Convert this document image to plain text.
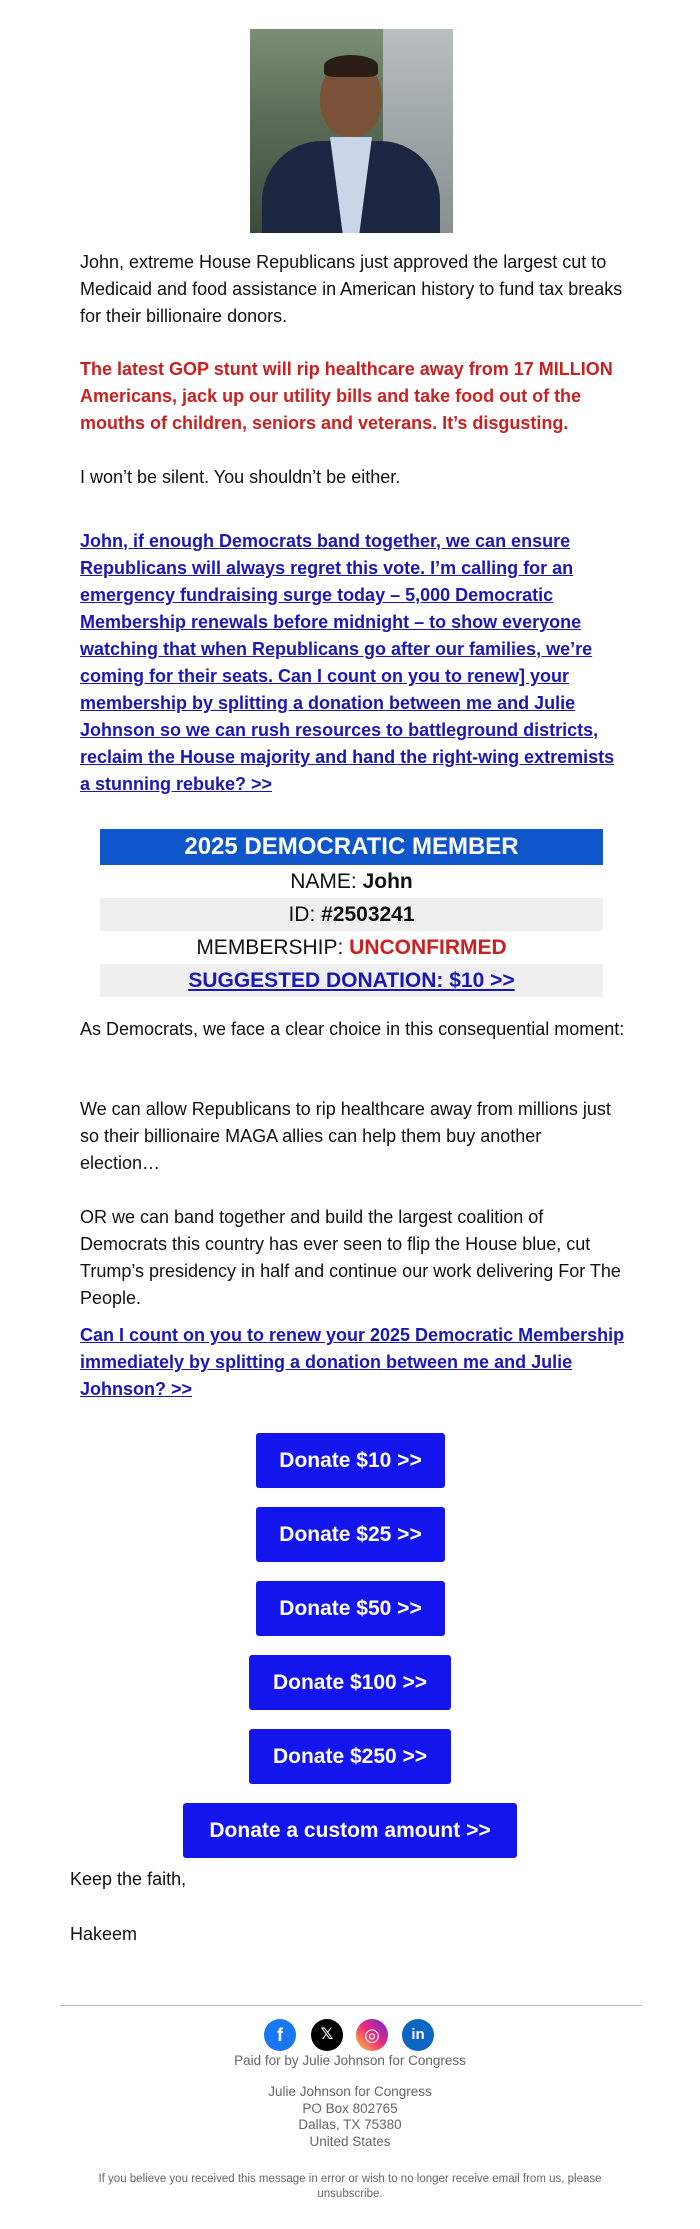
John, extreme House Republicans just approved the largest cut to Medicaid and food assistance in American history to fund tax breaks for their billionaire donors.

The latest GOP stunt will rip healthcare away from 17 MILLION Americans, jack up our utility bills and take food out of the mouths of children, seniors and veterans. It’s disgusting.

I won’t be silent. You shouldn’t be either.

John, if enough Democrats band together, we can ensure Republicans will always regret this vote. I’m calling for an emergency fundraising surge today – 5,000 Democratic Membership renewals before midnight – to show everyone watching that when Republicans go after our families, we’re coming for their seats. Can I count on you to renew] your membership by splitting a donation between me and Julie Johnson so we can rush resources to battleground districts, reclaim the House majority and hand the right-wing extremists a stunning rebuke? >>
2025 DEMOCRATIC MEMBER
NAME: John
ID: #2503241
MEMBERSHIP: UNCONFIRMED
SUGGESTED DONATION: $10 >>

As Democrats, we face a clear choice in this consequential moment:

We can allow Republicans to rip healthcare away from millions just so their billionaire MAGA allies can help them buy another election…

OR we can band together and build the largest coalition of Democrats this country has ever seen to flip the House blue, cut Trump’s presidency in half and continue our work delivering For The People.

Can I count on you to renew your 2025 Democratic Membership immediately by splitting a donation between me and Julie Johnson? >>
Donate $10 >>
Donate $25 >>
Donate $50 >>
Donate $100 >>
Donate $250 >>
Donate a custom amount >>
Keep the faith,
Hakeem
f	𝕏	◎	in
Paid for by Julie Johnson for Congress
Julie Johnson for Congress
PO Box 802765
Dallas, TX 75380
United States
If you believe you received this message in error or wish to no longer receive email from us, please unsubscribe.
